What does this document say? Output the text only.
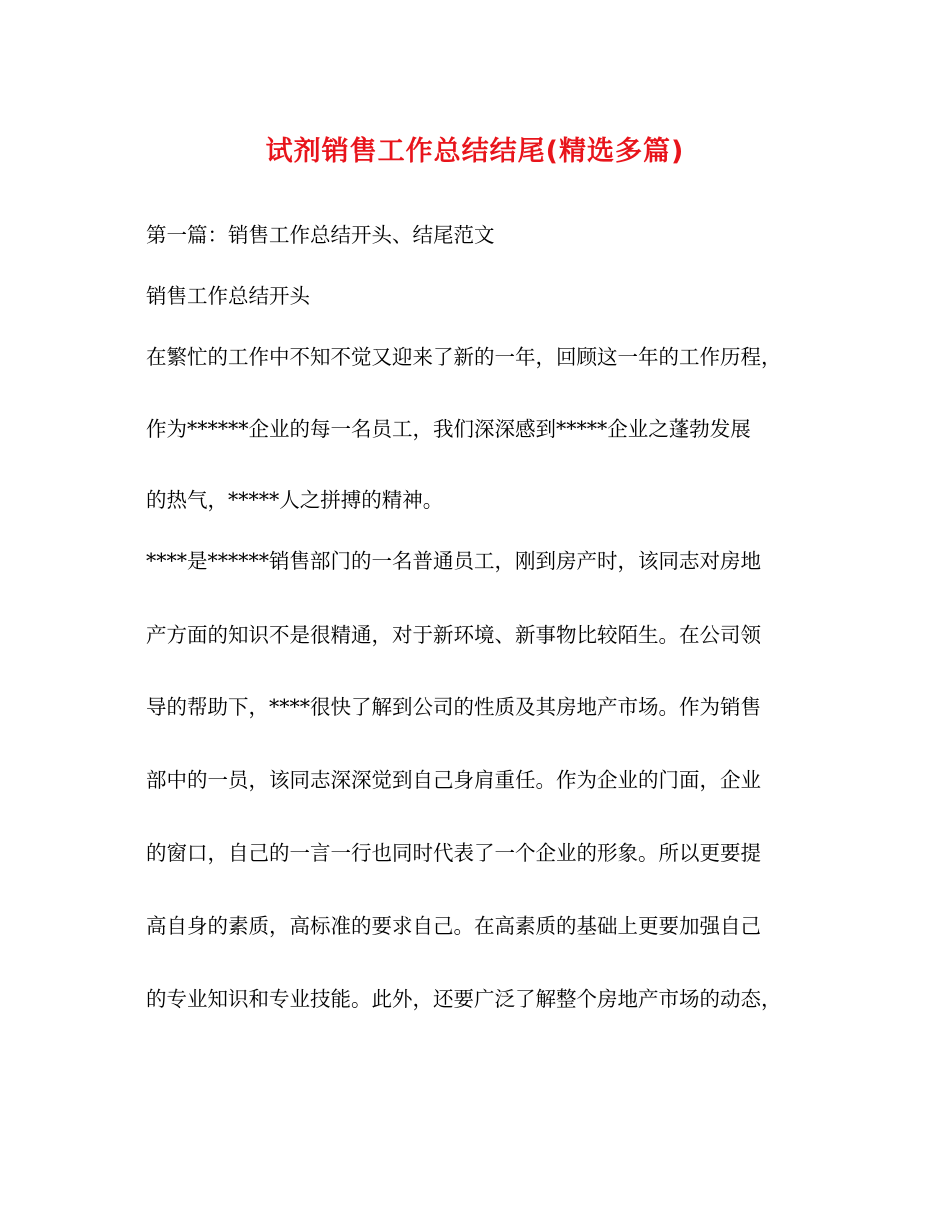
试剂销售工作总结结尾(精选多篇)

第一篇：销售工作总结开头、结尾范文

销售工作总结开头

在繁忙的工作中不知不觉又迎来了新的一年，回顾这一年的工作历程，

作为******企业的每一名员工，我们深深感到*****企业之蓬勃发展

的热气，*****人之拼搏的精神。

****是******销售部门的一名普通员工，刚到房产时，该同志对房地

产方面的知识不是很精通，对于新环境、新事物比较陌生。在公司领

导的帮助下，****很快了解到公司的性质及其房地产市场。作为销售

部中的一员，该同志深深觉到自己身肩重任。作为企业的门面，企业

的窗口，自己的一言一行也同时代表了一个企业的形象。所以更要提

高自身的素质，高标准的要求自己。在高素质的基础上更要加强自己

的专业知识和专业技能。此外，还要广泛了解整个房地产市场的动态，
